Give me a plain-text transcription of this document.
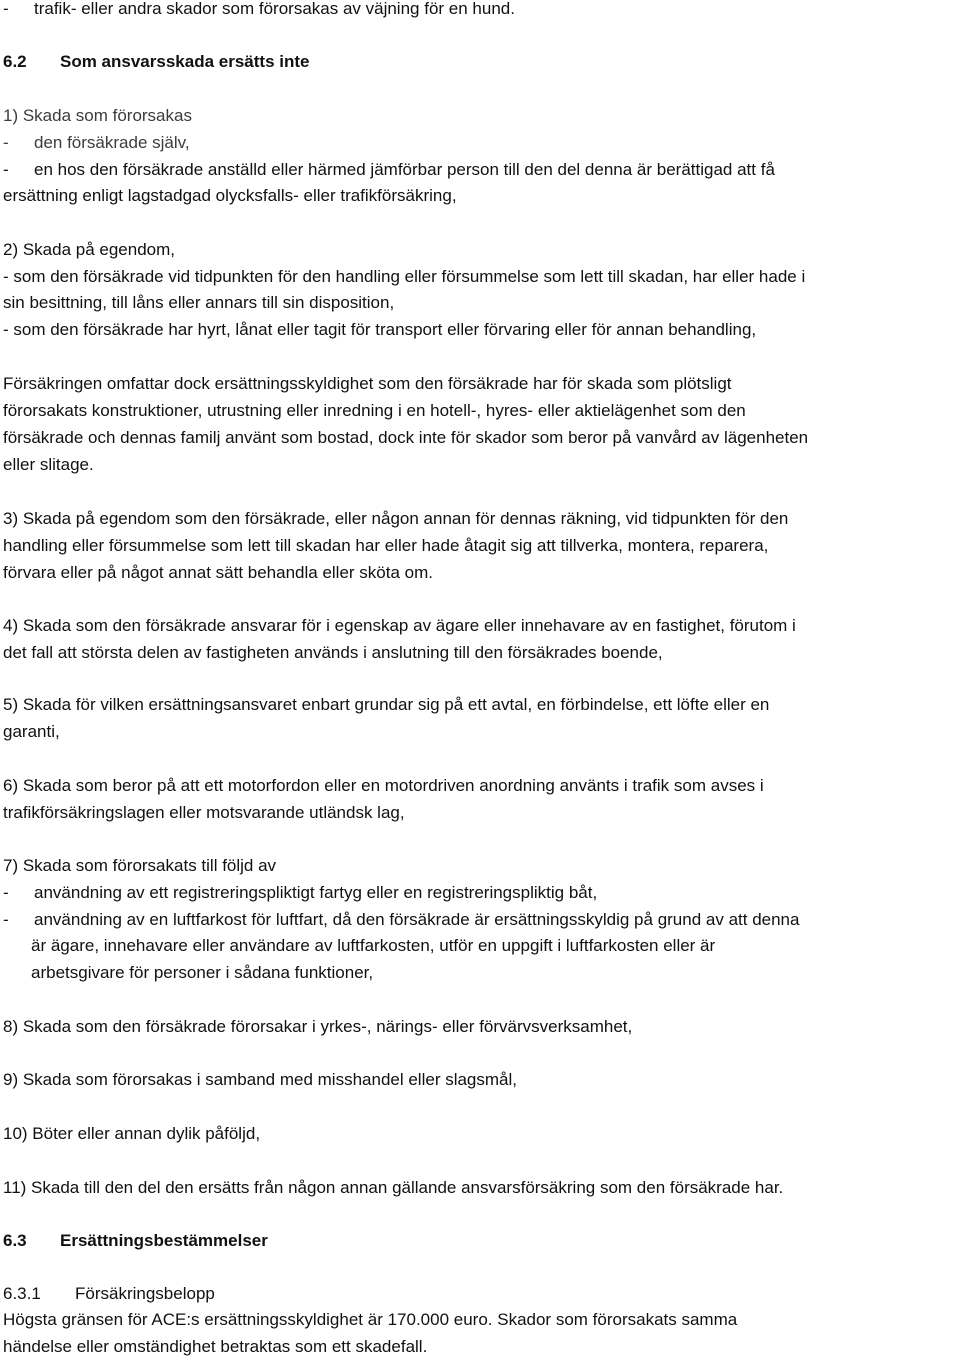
- trafik- eller andra skador som förorsakas av väjning för en hund.
6.2 Som ansvarsskada ersätts inte
1) Skada som förorsakas
- den försäkrade själv,
- en hos den försäkrade anställd eller härmed jämförbar person till den del denna är berättigad att få
ersättning enligt lagstadgad olycksfalls- eller trafikförsäkring,
2) Skada på egendom,
- som den försäkrade vid tidpunkten för den handling eller försummelse som lett till skadan, har eller hade i
sin besittning, till låns eller annars till sin disposition,
- som den försäkrade har hyrt, lånat eller tagit för transport eller förvaring eller för annan behandling,
Försäkringen omfattar dock ersättningsskyldighet som den försäkrade har för skada som plötsligt
förorsakats konstruktioner, utrustning eller inredning i en hotell-, hyres- eller aktielägenhet som den
försäkrade och dennas familj använt som bostad, dock inte för skador som beror på vanvård av lägenheten
eller slitage.
3) Skada på egendom som den försäkrade, eller någon annan för dennas räkning, vid tidpunkten för den
handling eller försummelse som lett till skadan har eller hade åtagit sig att tillverka, montera, reparera,
förvara eller på något annat sätt behandla eller sköta om.
4) Skada som den försäkrade ansvarar för i egenskap av ägare eller innehavare av en fastighet, förutom i
det fall att största delen av fastigheten används i anslutning till den försäkrades boende,
5) Skada för vilken ersättningsansvaret enbart grundar sig på ett avtal, en förbindelse, ett löfte eller en
garanti,
6) Skada som beror på att ett motorfordon eller en motordriven anordning använts i trafik som avses i
trafikförsäkringslagen eller motsvarande utländsk lag,
7) Skada som förorsakats till följd av
- användning av ett registreringspliktigt fartyg eller en registreringspliktig båt,
- användning av en luftfarkost för luftfart, då den försäkrade är ersättningsskyldig på grund av att denna
är ägare, innehavare eller användare av luftfarkosten, utför en uppgift i luftfarkosten eller är
arbetsgivare för personer i sådana funktioner,
8) Skada som den försäkrade förorsakar i yrkes-, närings- eller förvärvsverksamhet,
9) Skada som förorsakas i samband med misshandel eller slagsmål,
10) Böter eller annan dylik påföljd,
11) Skada till den del den ersätts från någon annan gällande ansvarsförsäkring som den försäkrade har.
6.3 Ersättningsbestämmelser
6.3.1 Försäkringsbelopp
Högsta gränsen för ACE:s ersättningsskyldighet är 170.000 euro. Skador som förorsakats samma
händelse eller omständighet betraktas som ett skadefall.
